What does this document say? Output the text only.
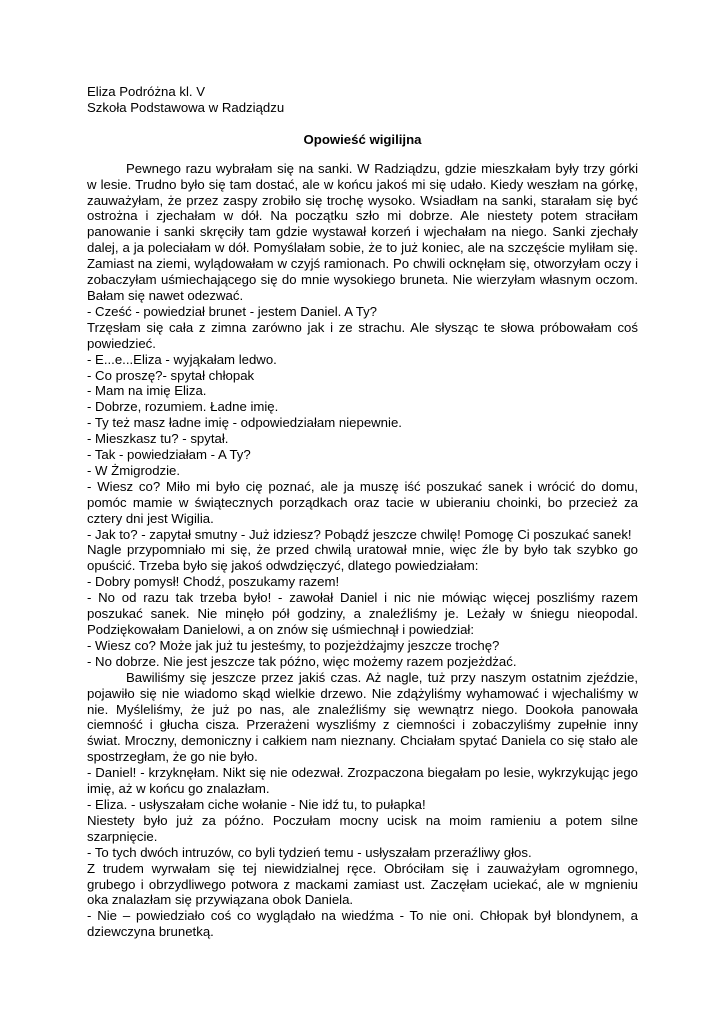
Eliza Podróżna kl. V
Szkoła Podstawowa w Radziądzu
Opowieść wigilijna

Pewnego razu wybrałam się na sanki. W Radziądzu, gdzie mieszkałam były trzy górki w lesie. Trudno było się tam dostać, ale w końcu jakoś mi się udało. Kiedy weszłam na górkę, zauważyłam, że przez zaspy zrobiło się trochę wysoko. Wsiadłam na sanki, starałam się być ostrożna i zjechałam w dół. Na początku szło mi dobrze. Ale niestety potem straciłam panowanie i sanki skręciły tam gdzie wystawał korzeń i wjechałam na niego. Sanki zjechały dalej, a ja poleciałam w dół. Pomyślałam sobie, że to już koniec, ale na szczęście myliłam się. Zamiast na ziemi, wylądowałam w czyjś ramionach. Po chwili ocknęłam się, otworzyłam oczy i zobaczyłam uśmiechającego się do mnie wysokiego bruneta. Nie wierzyłam własnym oczom. Bałam się nawet odezwać.

- Cześć - powiedział brunet - jestem Daniel. A Ty?

Trzęsłam się cała z zimna zarówno jak i ze strachu. Ale słysząc te słowa próbowałam coś powiedzieć.

- E...e...Eliza - wyjąkałam ledwo.

- Co proszę?- spytał chłopak

- Mam na imię Eliza.

- Dobrze, rozumiem. Ładne imię.

- Ty też masz ładne imię - odpowiedziałam niepewnie.

- Mieszkasz tu? - spytał.

- Tak - powiedziałam - A Ty?

- W Żmigrodzie.

- Wiesz co? Miło mi było cię poznać, ale ja muszę iść poszukać sanek i wrócić do domu, pomóc mamie w świątecznych porządkach oraz tacie w ubieraniu choinki, bo przecież za cztery dni jest Wigilia.

- Jak to? - zapytał smutny - Już idziesz? Pobądź jeszcze chwilę! Pomogę Ci poszukać sanek!

Nagle przypomniało mi się, że przed chwilą uratował mnie, więc źle by było tak szybko go opuścić. Trzeba było się jakoś odwdzięczyć, dlatego powiedziałam:

- Dobry pomysł! Chodź, poszukamy razem!

- No od razu tak trzeba było! - zawołał Daniel i nic nie mówiąc więcej poszliśmy razem poszukać sanek. Nie minęło pół godziny, a znaleźliśmy je. Leżały w śniegu nieopodal. Podziękowałam Danielowi, a on znów się uśmiechnął i powiedział:

- Wiesz co? Może jak już tu jesteśmy, to pozjeżdżajmy jeszcze trochę?

- No dobrze. Nie jest jeszcze tak późno, więc możemy razem pozjeżdżać.

Bawiliśmy się jeszcze przez jakiś czas. Aż nagle, tuż przy naszym ostatnim zjeździe, pojawiło się nie wiadomo skąd wielkie drzewo. Nie zdążyliśmy wyhamować i wjechaliśmy w nie. Myśleliśmy, że już po nas, ale znaleźliśmy się wewnątrz niego. Dookoła panowała ciemność i głucha cisza. Przerażeni wyszliśmy z ciemności i zobaczyliśmy zupełnie inny świat. Mroczny, demoniczny i całkiem nam nieznany. Chciałam spytać Daniela co się stało ale spostrzegłam, że go nie było.

- Daniel! - krzyknęłam. Nikt się nie odezwał. Zrozpaczona biegałam po lesie, wykrzykując jego imię, aż w końcu go znalazłam.

- Eliza. - usłyszałam ciche wołanie - Nie idź tu, to pułapka!

Niestety było już za późno. Poczułam mocny ucisk na moim ramieniu a potem silne szarpnięcie.

- To tych dwóch intruzów, co byli tydzień temu - usłyszałam przeraźliwy głos.

Z trudem wyrwałam się tej niewidzialnej ręce. Obróciłam się i zauważyłam ogromnego, grubego i obrzydliwego potwora z mackami zamiast ust. Zaczęłam uciekać, ale w mgnieniu oka znalazłam się przywiązana obok Daniela.

- Nie – powiedziało coś co wyglądało na wiedźma - To nie oni. Chłopak był blondynem, a dziewczyna brunetką.
